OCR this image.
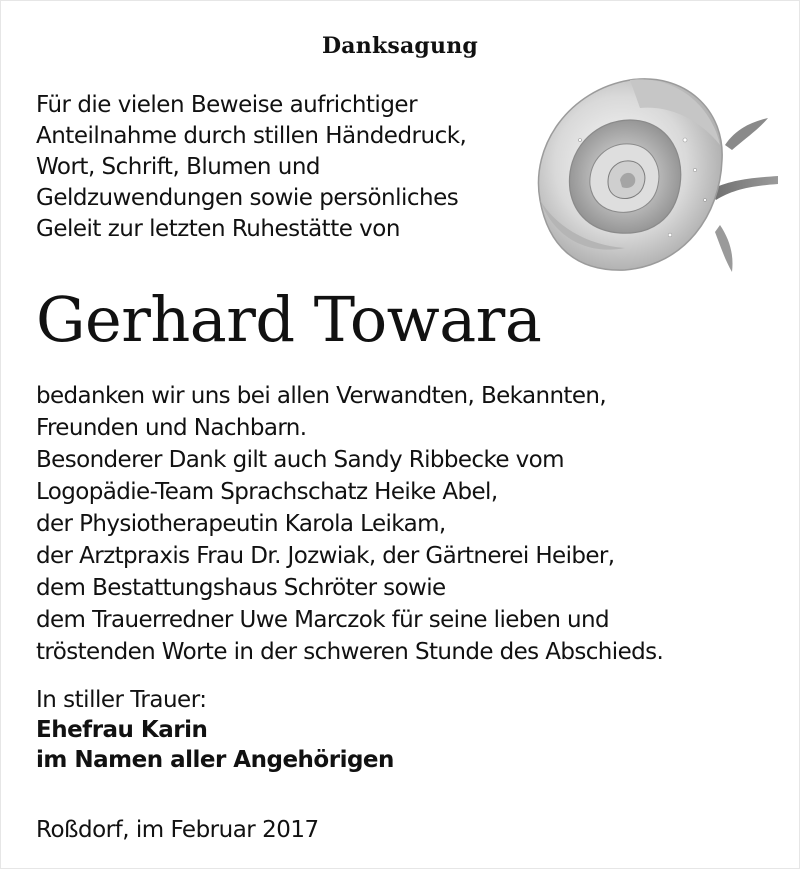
Danksagung
Für die vielen Beweise aufrichtiger
Anteilnahme durch stillen Händedruck,
Wort, Schrift, Blumen und
Geldzuwendungen sowie persönliches
Geleit zur letzten Ruhestätte von
Gerhard Towara
bedanken wir uns bei allen Verwandten, Bekannten,
Freunden und Nachbarn.
Besonderer Dank gilt auch Sandy Ribbecke vom
Logopädie-Team Sprachschatz Heike Abel,
der Physiotherapeutin Karola Leikam,
der Arztpraxis Frau Dr. Jozwiak, der Gärtnerei Heiber,
dem Bestattungshaus Schröter sowie
dem Trauerredner Uwe Marczok für seine lieben und
tröstenden Worte in der schweren Stunde des Abschieds.
In stiller Trauer:
Ehefrau Karin
im Namen aller Angehörigen
Roßdorf, im Februar 2017
